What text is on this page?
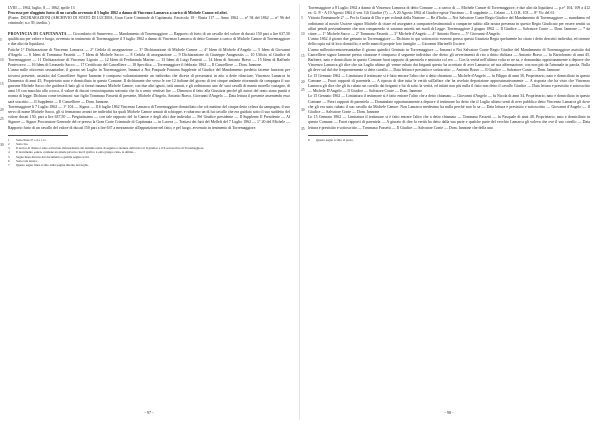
LVIII — 1862, luglio, 8 — 1862, aprile 13
Processo per sfugginto furto di un cavallo avvenuto il 5 luglio 1862 a danno di Vincenzo Lamarca a carico di Michele Camoe ed altri.
(Fonte: DICHIARAZIONI (ARCHIVIO DI STATO DI LUCERA, Gran Corte Criminale di Capitanata. Fascicolo 18 - Busta 117 — Anno 1862 — n° 94 del 1862 — n° 96 del criminale; n.o 39, inedito.)
5

PROVINCIA DI CAPITANATA — Circondario di Sansevero — Mandamento di Torremaggiore — Rapporto di furto di un cavallo del valore di ducati 150 pari a lire 637,50 qualificato per valore e luogo, avvenuto in tenimento di Torremaggiore il 5 luglio 1862 a danno di Vincenzo Lamarca di detto Comune a carico di Michele Camoe di Torremaggiore e due altri da liquidarsi.

10

Fatiche 1° Dichiarazione di Vincenzo Lamarca — 2° Cedola di assegnazione — 3° Dichiarazione di Michele Camoe — 4° Idem di Michele d'Angelo — 5 Idem di Giovanni d'Angelo — 6 Idem di Tommaso Fassetti — 7 Idem di Michele Sacco — 8 Cedola di assegnazione — 9 Dichiarazione di Giuseppe Anagnostis — 10 Ufficio al Giudice di Torremaggiore — 11 Dichiarazione di Vincenzo Ligorio — 12 Idem di Ferdinando Marino — 13 Idem di Luigi Fantetti — 14 Idem di Antonio Bravo — 15 Idem di Raffaele Pontecorvo — 16 Idem di Leonardo Sacco — 17 Certificato del Cancelliere — 18 Specifica — Torremaggiore il febbraio 1862 — Il Cancelliere — Dom. Iannone.

15
20

L'anno mille ottocento sessantadue, il giorno sei Luglio in Torremaggiore, Innanzi a Noi Pasquale Fontana Supplente al Giudice del Mandamento predetto facente funzioni per trovarsi presente, assistito dal Cancelliere Signor Iannone è comparso volontariamente un individuo che diceva di presentarsi in atto a dette rilasciare, Vincenzo Lamarca fu Domenico di anni 45, Proprietario nato e domiciliato in questo Comune. Il dichiarante che verso le ore 12 italiane del giorno di ieri cinque andante ritornando da campagna il suo garzone Michele Sacco che guidava il baio gli si fermò innanzi Michele Camoe, con due altri ignoti, tutti armati, e gli ordinarono uno de' suoi cavalli di manto morello castagno, di anni 10 con macchia alla crocca, il valore di ducati centocinquanta sottratto che fu a cento ventisei lire — Dimostra il fatto alla Giustizia perché gli autori del reato siano puniti a norma di legge. Dichiara come testimoni: suo figlio Tommaso Fassetti di presente, Michele d'Angelo, Antonio Bravo, Giovanni d'Angelo — Data lettura il presente assentendo esso sarà soscritto — Il Supplente — Il Cancelliere — Dom. Iannone.

25
30

Torremaggiore li 7 Luglio 1862 — 1° 104 — Signor — Il 6 luglio 1862 Vincenzo Lamarca di Torremaggiore domiciliato che col mattino del cinque detto celava da campagna, il suo servo di nome Michele Sacco, gli si fermarono avanti tre individui fra quali Michele Camoe armati di schioppe, e rubarono un di lui cavallo che era guidato sotto il suo suddetto del valore ducati 150, pari a lire 637,50 — Pregiatissimo — con tale rapporto del fu Camoe e degli altri due individui — Pel Giudice presidente — Il Supplente Il Presidente — Al Signore — Signor Procuratore Generale del re presso la Gran Corte Criminale di Capitanata — in Lucera — Trattasi dei fatti del Mellefi del 7 Luglio 1862 — 1° 20 del Michele — Rapporto furto di un cavallo del valore di ducati 150 pari a lire 637 a mezzanotte all'apparizione nel fatto, e pel luogo, avvenuto in tenimento di Torremaggiore.

1 Sotto linee: P o d e r i a
2 Sotto: ha.
3 Il doctor di chiere è stato ed inviato inferiormente dal termine eletta di seguire e ritenute dall'ottavo il Il giudice e il Il sottoscritto di Torremaggiore.
4 Il documento «anzi» contiene un pinale piccolo cioè il grafico è «ma gruppo ciòè» le ultime...
5 Segue linea diversa dal documento a gentile pagina scriti.
6 Sotto tale lettera.
7 Questo segno linea scritto sulla pagina interno del foglio.
- 97 -
5

Torremaggiore a 8 Luglio 1862 a danno di Vincenzo Lamarca di detto Comune — a carico di — Michele Camoe di Torremaggiore, e due altri da liquidarsi — p.e° 104, 109 a 412 ex. G. P. - A 19 Agosto 1862 il ven. Gli Giudice (?) — A 20 Agosto 1862 al Giudice egiste Vincenzo — Il supplente — Celano — L.O.R. 103 — 8° Vtr del 61.

10

Vittorio Emmanuele 2° — Per la Grazia di Dio e per volontà della Nazione — Re d'Italia — Noi Salvatore Conte Regio Giudice del Mandamento di Torremaggiore — mandiamo ed ordiniamo al nostro Usciere signor Michele di citare ed assegnare a comparire/testimoniali a comparire subito alla nostra presenza in questo Regio Giudicato per essere sentiti su affari penali personalmente che non comparendo vi saranno astretti nei modi di Legge. Torremaggiore 2 giugno 1862 — Il Giudice — Salvatore Conte — Dom. Iannone — * da citare — 1° Michele Sacco — 2° Tommaso Fassetti — 3° Michele d'Angelo — 4° Antonio Bravo — 5° Giovanni d'Angelo.

L'anno 1862 il giorno due gennaio in Torremaggiore — Dichiaro io qui sottoscritto essermi presso questa Giustizia Regia quelunente ho citato i detto descritti individui, ed ottenne della copia sul di loro domicilio, e nelle mani di proprie loro famiglie — Giovanni Marinelli Usciere.

15
20

L'anno milleottocentosessantadue il giorno quindici Gennaio in Torremaggiore — Innanzi a Noi Salvatore Conte Regio Giudice del Mandamento di Torremaggiore assistito dal Cancelliere signor Iannone presso citazione è comparso il seguente individuo che dietro gli avvertimenti di rito a dritto dichiara — Antonio Bravo — fu Bartolomeo di anni 45, Barbiere, nato e domiciliato in questo Comune fuori rapporto di parentela e amicizia col reo — Con la verità nell'ultima volta se ne sa, e domandato opportunamente a deporre che Vincenzo Lamarca gli dice che sia Luglio ultimo gli venne rubato dai briganti questo ha accettato di aver Lamarca; né sua affermazione, con non più da l'atnanale in parola. Nulla gli deve sul dal che frequentemente si dette cavallo — Data lettura e presistito e sottoscritto — Antonio Bravo — Il Giudice — Salvatore Conte — Dom. Iannone

25

Lo 15 Gennaio 1862 — Limitatura il testimone si è fatto entrare l'altro che a detto chiamato — Michele d'Angelo — fu Filippo di anni 30, Proprietario, nato e domiciliato in questo Comune — Fuori rapporti di parentela — A riposta di dire tutta la verità sull'affare che ha rivelato deposizione approssimativamente — A risposta che ha visto che Vincenzo Lamarca gli dice che gli fu rubato un cavallo dai briganti e lui di sotto la verità, ed infatti non più nulla il fatto non detto il cavallo Giudice — Data lettura e presistito e sottoscritto — Michele D'Angelo — Il Giudice — Salvatore Conte — Dom. Iannone

30

Lo 15 Gennaio 1862 — Limitatura il testimone si è fatto entrare l'altro che a detto chiamato — Giovanni d'Angelo — fu Nicola di anni 34, Proprietario, nato e domiciliato in questo Comune — Fuori rapporti di parentela — Domandato opportunamente a deporre il testimone ha detto che il Luglio ultimo sentì di aver pubblico detto Vincenzo Lamarca gli dove che gli era stato rubato il suo cavallo da Michele Camoe. Non Lamarca medesimo ha nulla perché non lo sa — Data lettura e presistito e sottoscritto — Giovanni d'Angelo — Il Giudice — Salvatore Conte — Dom. Iannone

35

Lo 15 Gennaio 1862 — Limitatura il testimone si è fatto entrare l'altro che a detto chiamato — Tommaso Fassetti — fu Pasquale di anni 48, Proprietario, nato e domiciliato in questo Comune — Fuori rapporti di parentela — A giurato di dire la verità ha detto dalla sua parte e qualche parte del vecchio Lamarca gli voleva che ove il suo cavallo — Data lettura e presistito e sottoscritto — Tommaso Fassetti — Il Giudice — Salvatore Conte — Dom. Iannone che della una

8 Questo segno scritto al posto.
- 98 -
